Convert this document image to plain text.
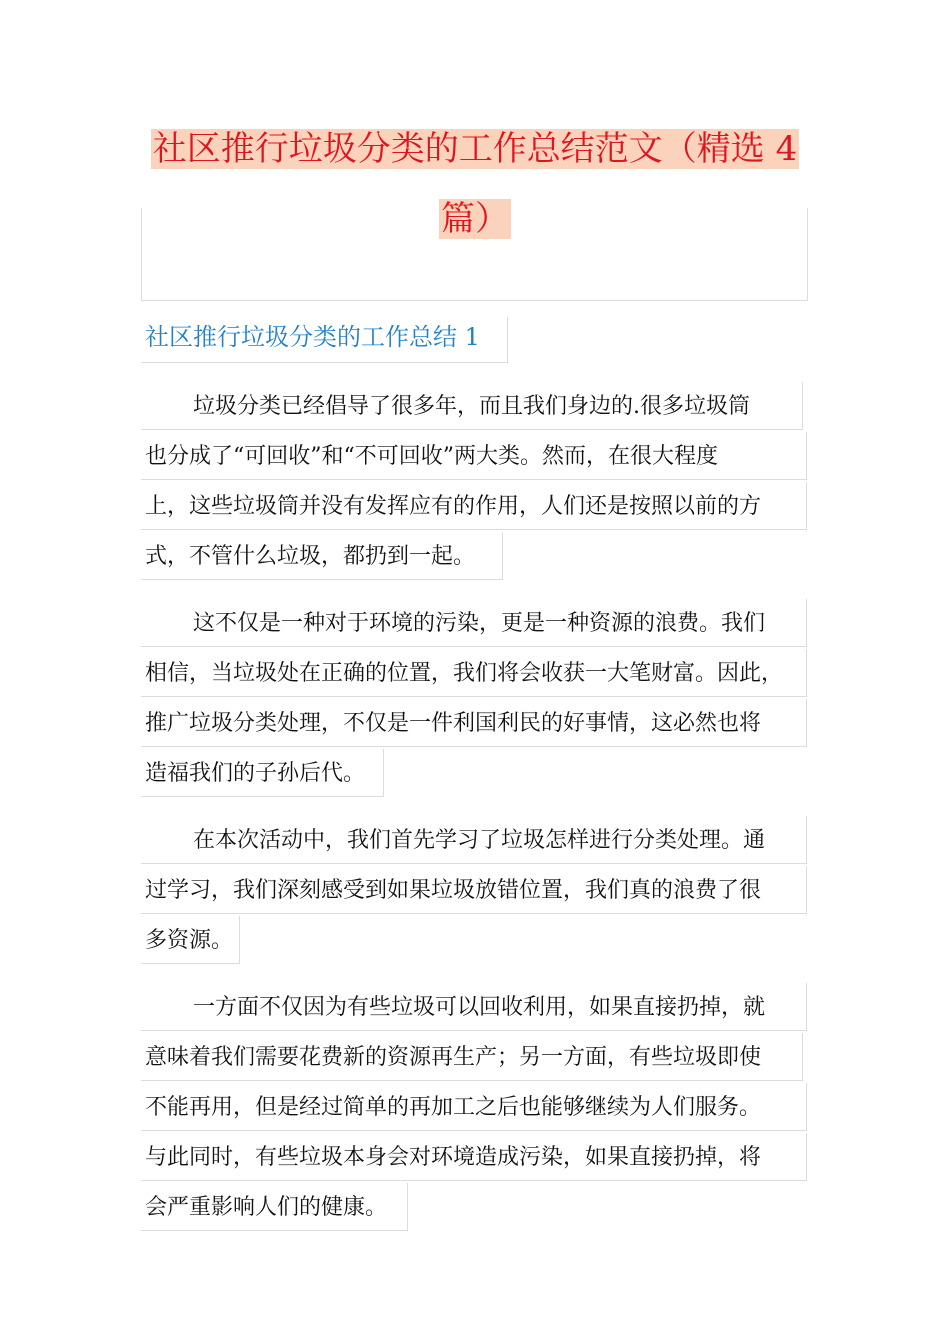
社区推行垃圾分类的工作总结范文（精选 4
篇）
社区推行垃圾分类的工作总结 1
垃圾分类已经倡导了很多年，而且我们身边的.很多垃圾筒
也分成了“可回收”和“不可回收”两大类。然而，在很大程度
上，这些垃圾筒并没有发挥应有的作用，人们还是按照以前的方
式，不管什么垃圾，都扔到一起。
这不仅是一种对于环境的污染，更是一种资源的浪费。我们
相信，当垃圾处在正确的位置，我们将会收获一大笔财富。因此，
推广垃圾分类处理，不仅是一件利国利民的好事情，这必然也将
造福我们的子孙后代。
在本次活动中，我们首先学习了垃圾怎样进行分类处理。通
过学习，我们深刻感受到如果垃圾放错位置，我们真的浪费了很
多资源。
一方面不仅因为有些垃圾可以回收利用，如果直接扔掉，就
意味着我们需要花费新的资源再生产；另一方面，有些垃圾即使
不能再用，但是经过简单的再加工之后也能够继续为人们服务。
与此同时，有些垃圾本身会对环境造成污染，如果直接扔掉，将
会严重影响人们的健康。
